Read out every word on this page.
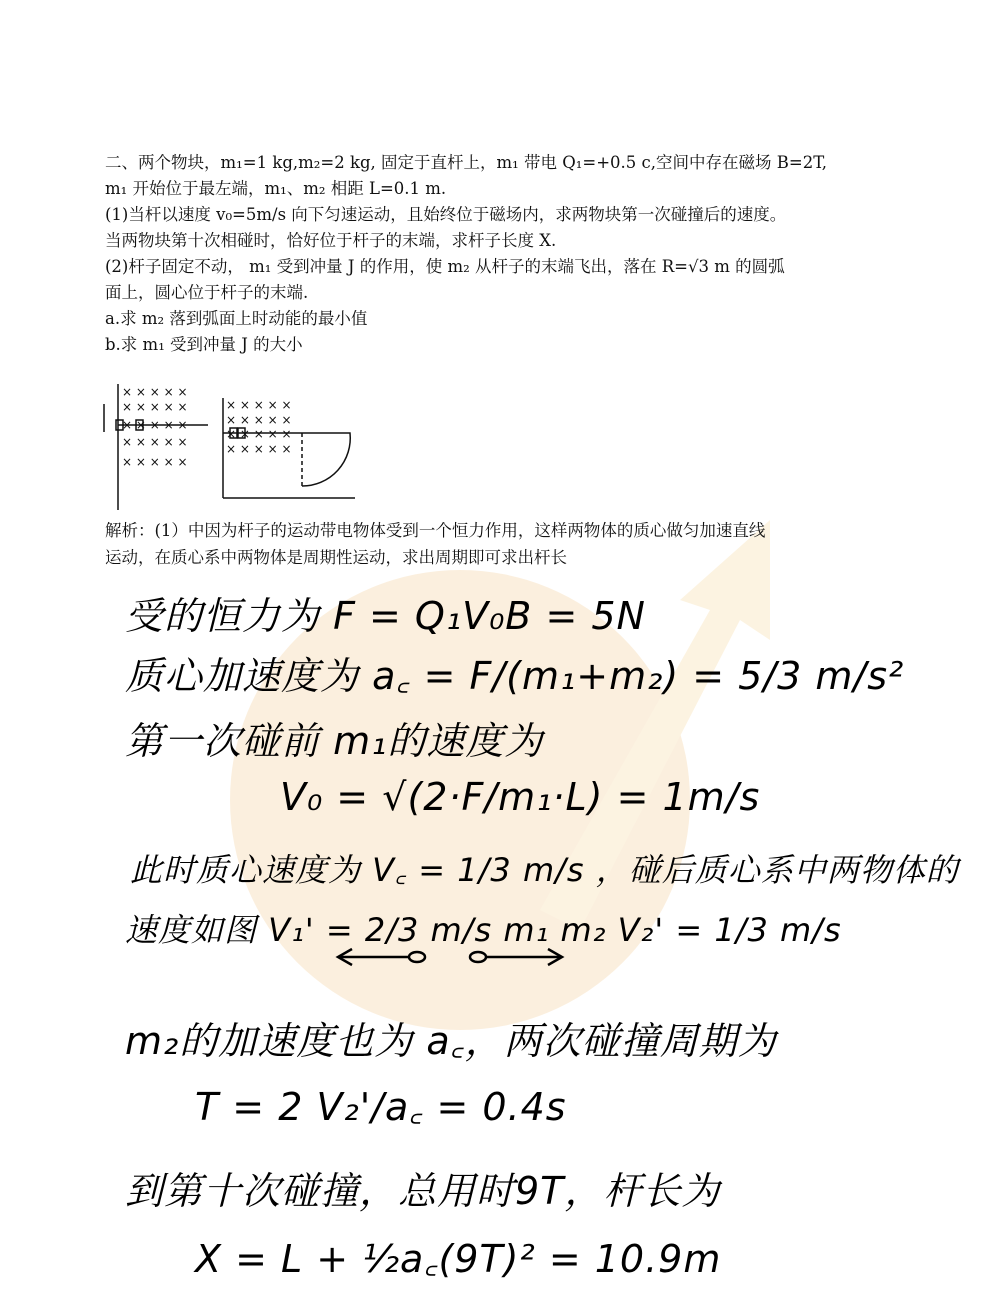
二、两个物块，m₁=1 kg,m₂=2 kg, 固定于直杆上，m₁ 带电 Q₁=+0.5 c,空间中存在磁场 B=2T,
m₁ 开始位于最左端，m₁、m₂ 相距 L=0.1 m.
(1)当杆以速度 v₀=5m/s 向下匀速运动，且始终位于磁场内，求两物块第一次碰撞后的速度。
当两物块第十次相碰时，恰好位于杆子的末端，求杆子长度 X.
(2)杆子固定不动， m₁ 受到冲量 J 的作用，使 m₂ 从杆子的末端飞出，落在 R=√3 m 的圆弧
面上，圆心位于杆子的末端.
a.求 m₂ 落到弧面上时动能的最小值
b.求 m₁ 受到冲量 J 的大小
× × × × ×
× × × × ×
× × × × ×
× × × × ×
× × × × ×
× × × × ×
× × × × ×
× × × × ×
× × × × ×
解析：(1）中因为杆子的运动带电物体受到一个恒力作用，这样两物体的质心做匀加速直线
运动，在质心系中两物体是周期性运动，求出周期即可求出杆长
受的恒力为 F = Q₁V₀B = 5N
质心加速度为 a꜀ = F/(m₁+m₂) = 5/3 m/s²
第一次碰前 m₁的速度为
V₀ = √(2·F/m₁·L) = 1m/s
此时质心速度为 V꜀ = 1/3 m/s ，碰后质心系中两物体的
速度如图 V₁' = 2/3 m/s m₁ m₂ V₂' = 1/3 m/s
m₂的加速度也为 a꜀，两次碰撞周期为
T = 2 V₂'/a꜀ = 0.4s
到第十次碰撞，总用时9T，杆长为
X = L + ½a꜀(9T)² = 10.9m
